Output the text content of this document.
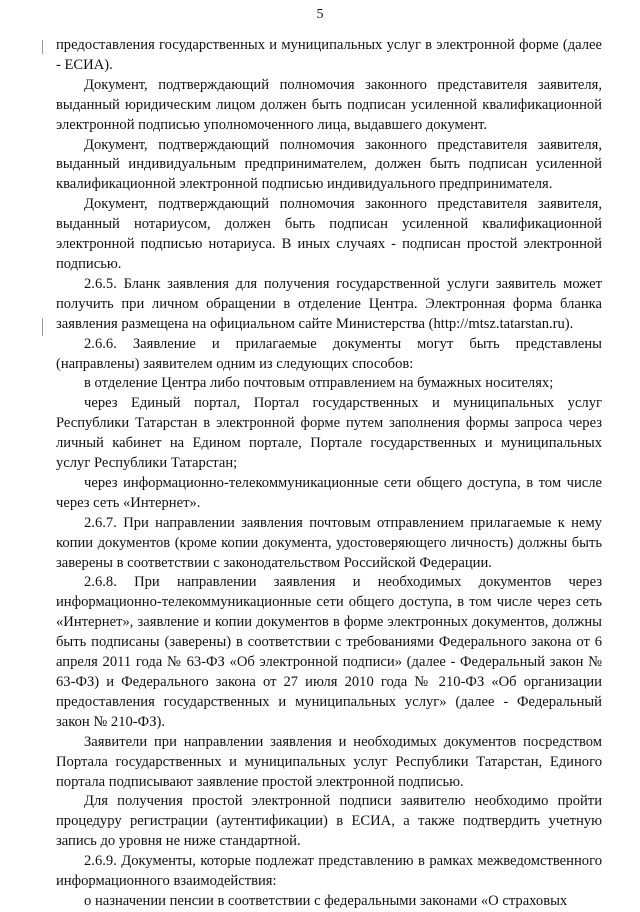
5

предоставления государственных и муниципальных услуг в электронной форме (далее - ЕСИА).

Документ, подтверждающий полномочия законного представителя заявителя, выданный юридическим лицом должен быть подписан усиленной квалификационной электронной подписью уполномоченного лица, выдавшего документ.

Документ, подтверждающий полномочия законного представителя заявителя, выданный индивидуальным предпринимателем, должен быть подписан усиленной квалификационной электронной подписью индивидуального предпринимателя.

Документ, подтверждающий полномочия законного представителя заявителя, выданный нотариусом, должен быть подписан усиленной квалификационной электронной подписью нотариуса. В иных случаях - подписан простой электронной подписью.

2.6.5. Бланк заявления для получения государственной услуги заявитель может получить при личном обращении в отделение Центра. Электронная форма бланка заявления размещена на официальном сайте Министерства (http://mtsz.tatarstan.ru).

2.6.6. Заявление и прилагаемые документы могут быть представлены (направлены) заявителем одним из следующих способов:

в отделение Центра либо почтовым отправлением на бумажных носителях;

через Единый портал, Портал государственных и муниципальных услуг Республики Татарстан в электронной форме путем заполнения формы запроса через личный кабинет на Едином портале, Портале государственных и муниципальных услуг Республики Татарстан;

через информационно-телекоммуникационные сети общего доступа, в том числе через сеть «Интернет».

2.6.7. При направлении заявления почтовым отправлением прилагаемые к нему копии документов (кроме копии документа, удостоверяющего личность) должны быть заверены в соответствии с законодательством Российской Федерации.

2.6.8. При направлении заявления и необходимых документов через информационно-телекоммуникационные сети общего доступа, в том числе через сеть «Интернет», заявление и копии документов в форме электронных документов, должны быть подписаны (заверены) в соответствии с требованиями Федерального закона от 6 апреля 2011 года № 63-ФЗ «Об электронной подписи» (далее - Федеральный закон № 63-ФЗ) и Федерального закона от 27 июля 2010 года № 210-ФЗ «Об организации предоставления государственных и муниципальных услуг» (далее - Федеральный закон № 210-ФЗ).

Заявители при направлении заявления и необходимых документов посредством Портала государственных и муниципальных услуг Республики Татарстан, Единого портала подписывают заявление простой электронной подписью.

Для получения простой электронной подписи заявителю необходимо пройти процедуру регистрации (аутентификации) в ЕСИА, а также подтвердить учетную запись до уровня не ниже стандартной.

2.6.9. Документы, которые подлежат представлению в рамках межведомственного информационного взаимодействия:

о назначении пенсии в соответствии с федеральными законами «О страховых
